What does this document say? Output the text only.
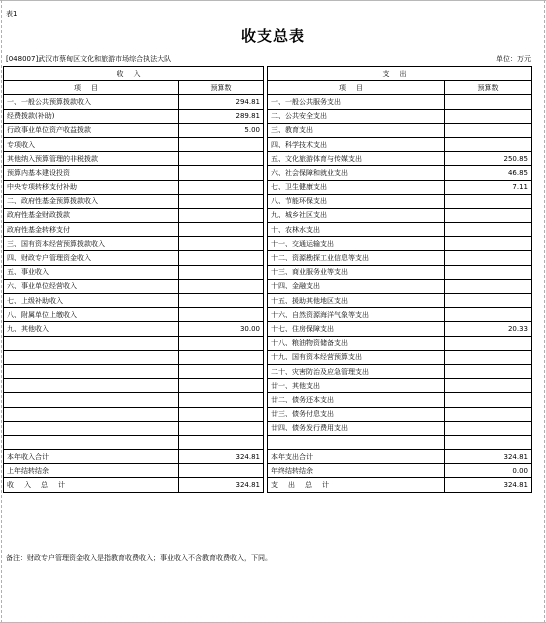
表1
收支总表
[048007]武汉市蔡甸区文化和旅游市场综合执法大队	单位：万元
收入			支出	
项目	预算数		项目	预算数
一、一般公共预算拨款收入	294.81		一、一般公共服务支出	
经费拨款(补助)	289.81		二、公共安全支出	
行政事业单位资产收益拨款	5.00		三、教育支出	
专项收入			四、科学技术支出	
其他纳入预算管理的非税拨款			五、文化旅游体育与传媒支出	250.85
预算内基本建设投资			六、社会保障和就业支出	46.85
中央专项转移支付补助			七、卫生健康支出	7.11
二、政府性基金预算拨款收入			八、节能环保支出	
政府性基金财政拨款			九、城乡社区支出	
政府性基金转移支付			十、农林水支出	
三、国有资本经营预算拨款收入			十一、交通运输支出	
四、财政专户管理资金收入			十二、资源勘探工业信息等支出	
五、事业收入			十三、商业服务业等支出	
六、事业单位经营收入			十四、金融支出	
七、上级补助收入			十五、援助其他地区支出	
八、附属单位上缴收入			十六、自然资源海洋气象等支出	
九、其他收入	30.00		十七、住房保障支出	20.33
			十八、粮油物资储备支出	
			十九、国有资本经营预算支出	
			二十、灾害防治及应急管理支出	
			廿一、其他支出	
			廿二、债务还本支出	
			廿三、债务付息支出	
			廿四、债务发行费用支出	

本年收入合计	324.81		本年支出合计	324.81
上年结转结余			年终结转结余	0.00
收入总计	324.81		支出总计	324.81
备注：财政专户管理资金收入是指教育收费收入；事业收入不含教育收费收入，下同。
